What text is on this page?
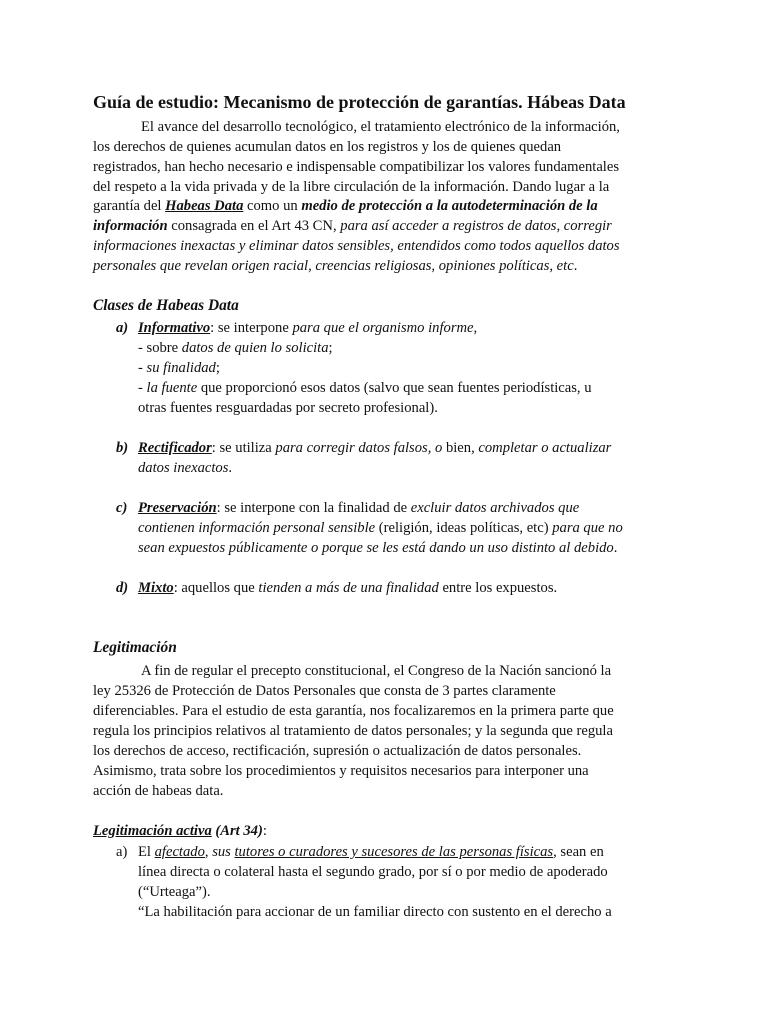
Guía de estudio: Mecanismo de protección de garantías. Hábeas Data
El avance del desarrollo tecnológico, el tratamiento electrónico de la información,
los derechos de quienes acumulan datos en los registros y los de quienes quedan
registrados, han hecho necesario e indispensable compatibilizar los valores fundamentales
del respeto a la vida privada y de la libre circulación de la información. Dando lugar a la
garantía del Habeas Data como un medio de protección a la autodeterminación de la
información consagrada en el Art 43 CN, para así acceder a registros de datos, corregir
informaciones inexactas y eliminar datos sensibles, entendidos como todos aquellos datos
personales que revelan origen racial, creencias religiosas, opiniones políticas, etc.
Clases de Habeas Data
a) Informativo: se interpone para que el organismo informe,
- sobre datos de quien lo solicita;
- su finalidad;
- la fuente que proporcionó esos datos (salvo que sean fuentes periodísticas, u
otras fuentes resguardadas por secreto profesional).
b) Rectificador: se utiliza para corregir datos falsos, o bien, completar o actualizar
datos inexactos.
c) Preservación: se interpone con la finalidad de excluir datos archivados que
contienen información personal sensible (religión, ideas políticas, etc) para que no
sean expuestos públicamente o porque se les está dando un uso distinto al debido.
d) Mixto: aquellos que tienden a más de una finalidad entre los expuestos.
Legitimación
A fin de regular el precepto constitucional, el Congreso de la Nación sancionó la
ley 25326 de Protección de Datos Personales que consta de 3 partes claramente
diferenciables. Para el estudio de esta garantía, nos focalizaremos en la primera parte que
regula los principios relativos al tratamiento de datos personales; y la segunda que regula
los derechos de acceso, rectificación, supresión o actualización de datos personales.
Asimismo, trata sobre los procedimientos y requisitos necesarios para interponer una
acción de habeas data.
Legitimación activa (Art 34):
a) El afectado, sus tutores o curadores y sucesores de las personas físicas, sean en
línea directa o colateral hasta el segundo grado, por sí o por medio de apoderado
(“Urteaga”).
“La habilitación para accionar de un familiar directo con sustento en el derecho a
